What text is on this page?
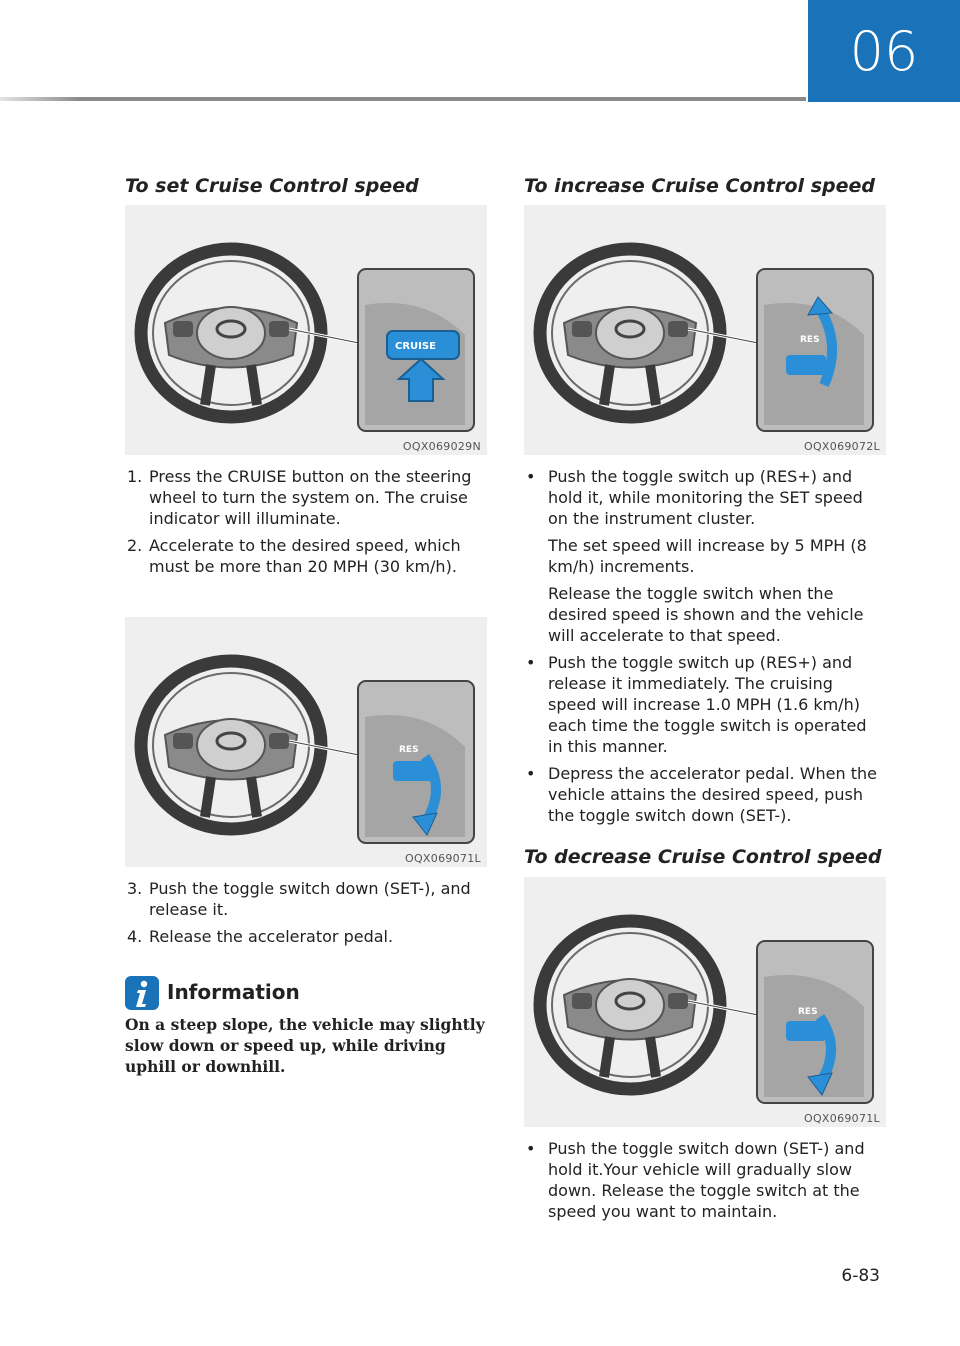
06
To set Cruise Control speed
CRUISE
OQX069029N
1. Press the CRUISE button on the steering wheel to turn the system on. The cruise indicator will illuminate.

2. Accelerate to the desired speed, which must be more than 20 MPH (30 km/h).

RES
OQX069071L
3. Push the toggle switch down (SET-), and release it.

4. Release the accelerator pedal.

Information
On a steep slope, the vehicle may slightly slow down or speed up, while driving uphill or downhill.
To increase Cruise Control speed
RES
OQX069072L
• Push the toggle switch up (RES+) and hold it, while monitoring the SET speed on the instrument cluster.

The set speed will increase by 5 MPH (8 km/h) increments.

Release the toggle switch when the desired speed is shown and the vehicle will accelerate to that speed.

• Push the toggle switch up (RES+) and release it immediately. The cruising speed will increase 1.0 MPH (1.6 km/h) each time the toggle switch is operated in this manner.

• Depress the accelerator pedal. When the vehicle attains the desired speed, push the toggle switch down (SET-).

To decrease Cruise Control speed
RES
OQX069071L
• Push the toggle switch down (SET-) and hold it.Your vehicle will gradually slow down. Release the toggle switch at the speed you want to maintain.

6-83
